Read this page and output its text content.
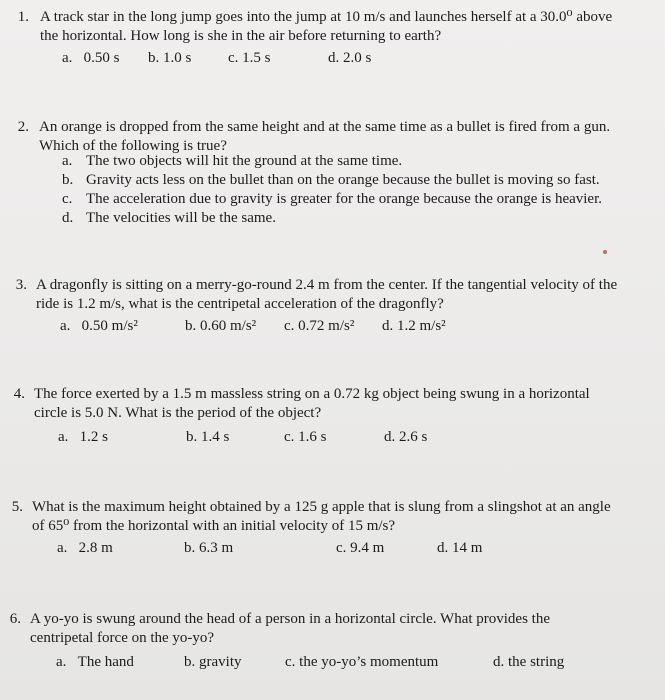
1. A track star in the long jump goes into the jump at 10 m/s and launches herself at a 30.0⁰ above
the horizontal. How long is she in the air before returning to earth?
a. 0.50 s b. 1.0 s c. 1.5 s	d. 2.0 s
2. An orange is dropped from the same height and at the same time as a bullet is fired from a gun.
Which of the following is true?
a. The two objects will hit the ground at the same time.
b. Gravity acts less on the bullet than on the orange because the bullet is moving so fast.
c. The acceleration due to gravity is greater for the orange because the orange is heavier.
d. The velocities will be the same.
3. A dragonfly is sitting on a merry-go-round 2.4 m from the center. If the tangential velocity of the
ride is 1.2 m/s, what is the centripetal acceleration of the dragonfly?
a. 0.50 m/s²	b. 0.60 m/s² c. 0.72 m/s² d. 1.2 m/s²
4. The force exerted by a 1.5 m massless string on a 0.72 kg object being swung in a horizontal
circle is 5.0 N. What is the period of the object?
a. 1.2 s	b. 1.4 s	c. 1.6 s	d. 2.6 s
5. What is the maximum height obtained by a 125 g apple that is slung from a slingshot at an angle
of 65⁰ from the horizontal with an initial velocity of 15 m/s?
a. 2.8 m	b. 6.3 m	c. 9.4 m	d. 14 m
6. A yo-yo is swung around the head of a person in a horizontal circle. What provides the
centripetal force on the yo-yo?
a. The hand	b. gravity	c. the yo-yo’s momentum	d. the string
